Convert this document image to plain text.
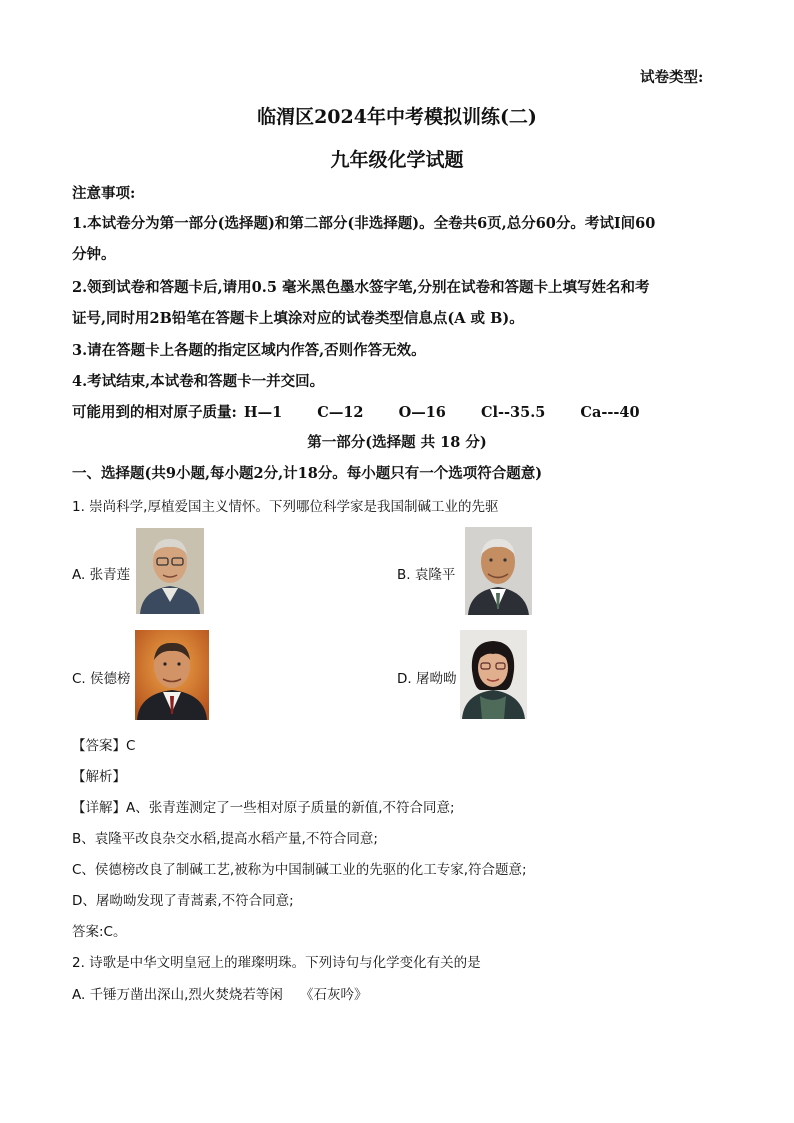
试卷类型:
临渭区2024年中考模拟训练(二)
九年级化学试题
注意事项:
1.本试卷分为第一部分(选择题)和第二部分(非选择题)。全卷共6页,总分60分。考试I间60
分钟。
2.领到试卷和答题卡后,请用0.5 毫米黑色墨水签字笔,分别在试卷和答题卡上填写姓名和考
证号,同时用2B铅笔在答题卡上填涂对应的试卷类型信息点(A 或 B)。
3.请在答题卡上各题的指定区域内作答,否则作答无效。
4.考试结束,本试卷和答题卡一并交回。
可能用到的相对原子质量: H—1 C—12 O—16 Cl--35.5 Ca---40
第一部分(选择题 共 18 分)
一、选择题(共9小题,每小题2分,计18分。每小题只有一个选项符合题意)
1. 崇尚科学,厚植爱国主义情怀。下列哪位科学家是我国制碱工业的先驱
A. 张青莲	B. 袁隆平
C. 侯德榜	D. 屠呦呦
【答案】C
【解析】
【详解】A、张青莲测定了一些相对原子质量的新值,不符合同意;
B、袁隆平改良杂交水稻,提高水稻产量,不符合同意;
C、侯德榜改良了制碱工艺,被称为中国制碱工业的先驱的化工专家,符合题意;
D、屠呦呦发现了青蒿素,不符合同意;
答案:C。
2. 诗歌是中华文明皇冠上的璀璨明珠。下列诗句与化学变化有关的是
A. 千锤万凿出深山,烈火焚烧若等闲    《石灰吟》
